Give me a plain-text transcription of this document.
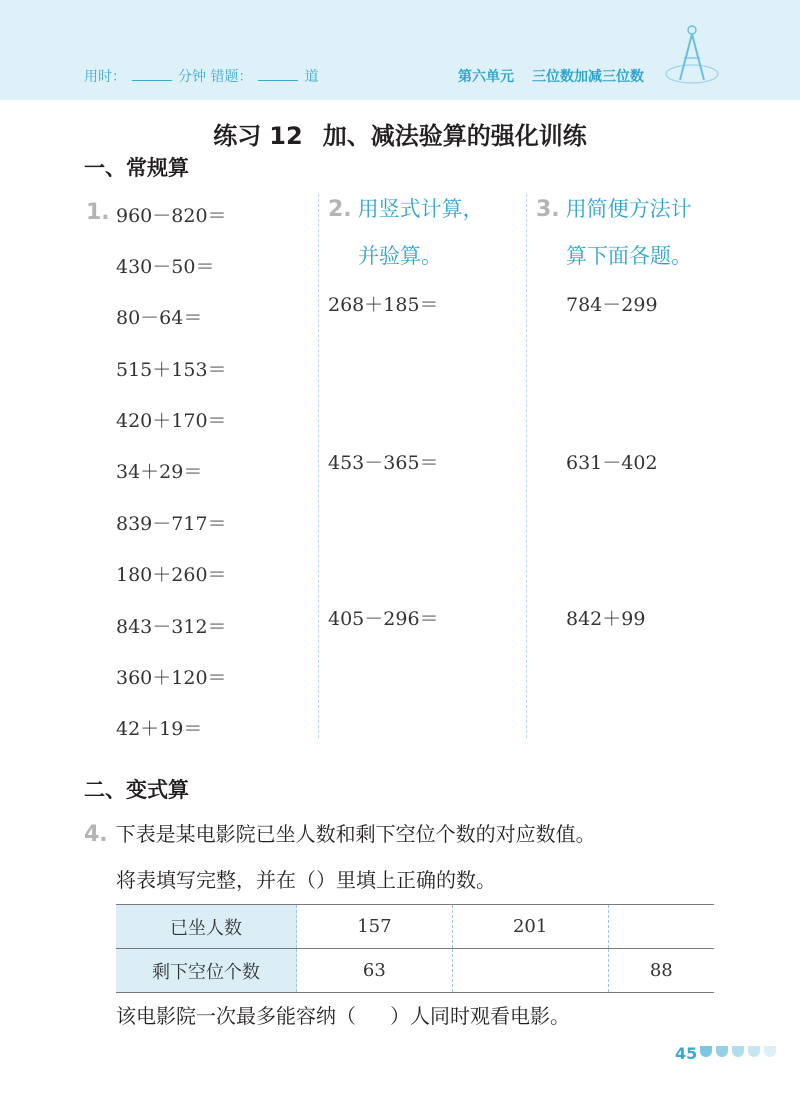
用时：	分钟 错题：	道	第六单元 三位数加减三位数
练习 12 加、减法验算的强化训练
一、常规算
1. 960－820＝
430－50＝
80－64＝
515＋153＝
420＋170＝
34＋29＝
839－717＝
180＋260＝
843－312＝
360＋120＝
42＋19＝
2. 用竖式计算，
并验算。
268＋185＝
453－365＝
405－296＝
3. 用简便方法计
算下面各题。
784－299
631－402
842＋99
二、变式算
4. 下表是某电影院已坐人数和剩下空位个数的对应数值。
将表填写完整，并在（）里填上正确的数。
已坐人数	157	201	
剩下空位个数	63		88
该电影院一次最多能容纳（ ）人同时观看电影。
45
